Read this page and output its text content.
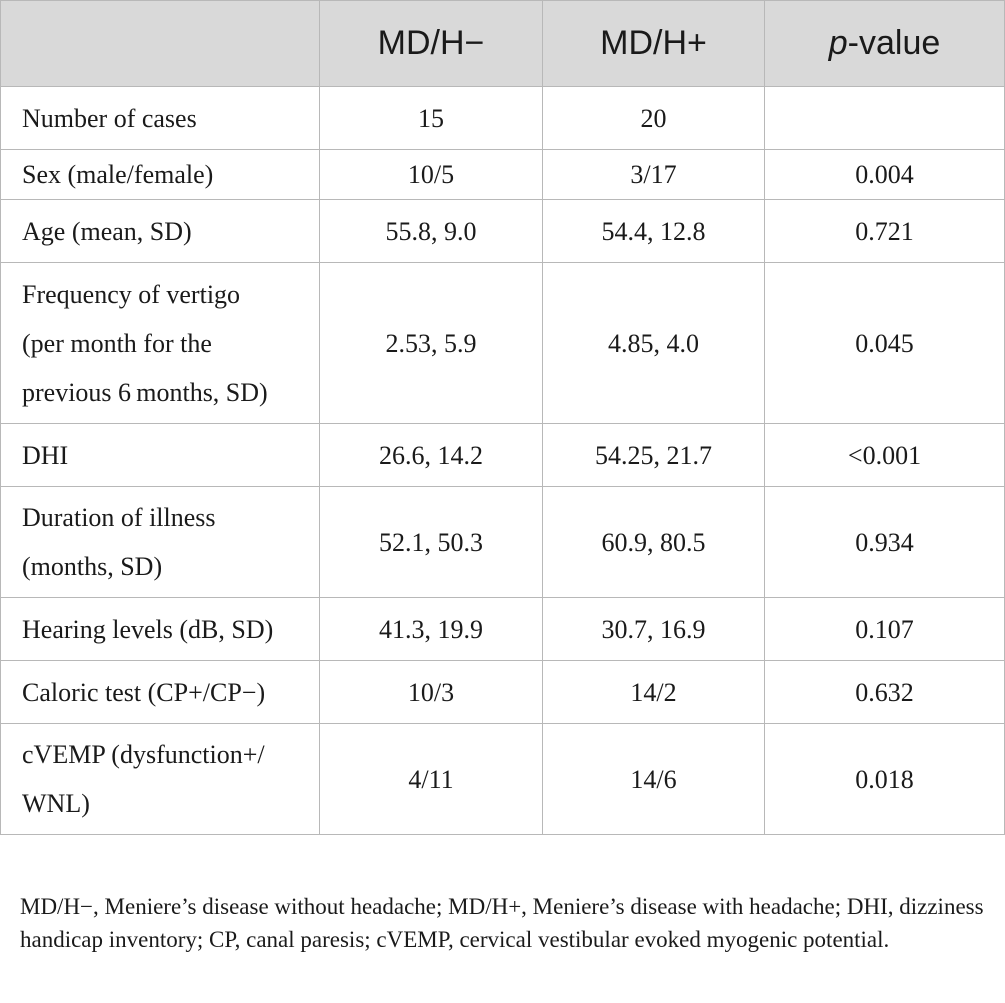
	MD/H−	MD/H+	p-value

Number of cases	15	20	

Sex (male/female)	10/5	3/17	0.004

Age (mean, SD)	55.8, 9.0	54.4, 12.8	0.721

Frequency of vertigo
(per month for the
previous 6 months, SD)	2.53, 5.9	4.85, 4.0	0.045

DHI	26.6, 14.2	54.25, 21.7	<0.001

Duration of illness
(months, SD)	52.1, 50.3	60.9, 80.5	0.934

Hearing levels (dB, SD)	41.3, 19.9	30.7, 16.9	0.107

Caloric test (CP+/CP−)	10/3	14/2	0.632

cVEMP (dysfunction+/
WNL)	4/11	14/6	0.018
MD/H−, Meniere’s disease without headache; MD/H+, Meniere’s disease with headache; DHI, dizziness handicap inventory; CP, canal paresis; cVEMP, cervical vestibular evoked myogenic potential.
